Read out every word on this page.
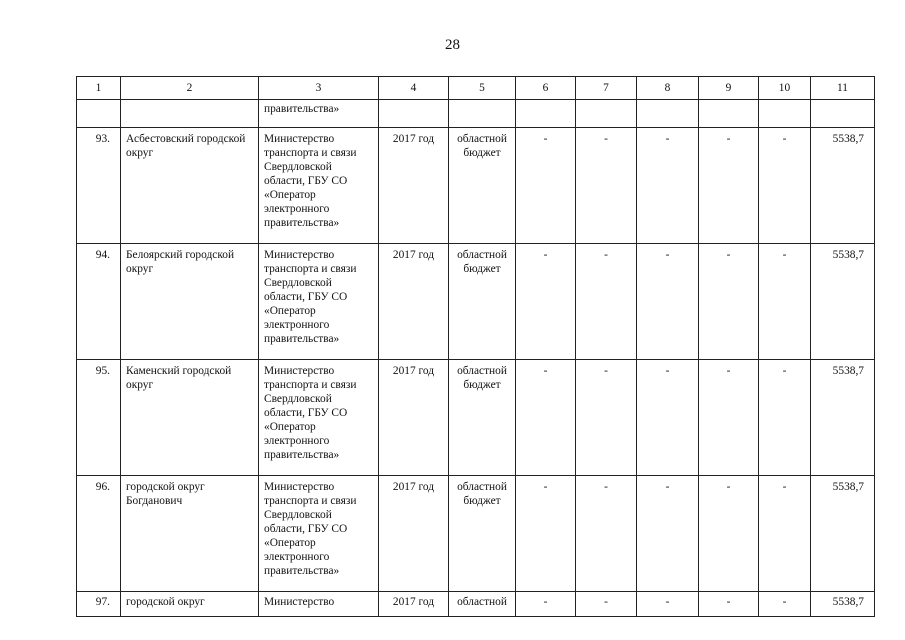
28
1	2	3	4	5	6	7	8	9	10	11
		правительства»								
93.	Асбестовский городской округ	Министерство транспорта и связи Свердловской области, ГБУ СО «Оператор электронного правительства»	2017 год	областной бюджет	-	-	-	-	-	5538,7
94.	Белоярский городской округ	Министерство транспорта и связи Свердловской области, ГБУ СО «Оператор электронного правительства»	2017 год	областной бюджет	-	-	-	-	-	5538,7
95.	Каменский городской округ	Министерство транспорта и связи Свердловской области, ГБУ СО «Оператор электронного правительства»	2017 год	областной бюджет	-	-	-	-	-	5538,7
96.	городской округ Богданович	Министерство транспорта и связи Свердловской области, ГБУ СО «Оператор электронного правительства»	2017 год	областной бюджет	-	-	-	-	-	5538,7
97.	городской округ	Министерство	2017 год	областной	-	-	-	-	-	5538,7
